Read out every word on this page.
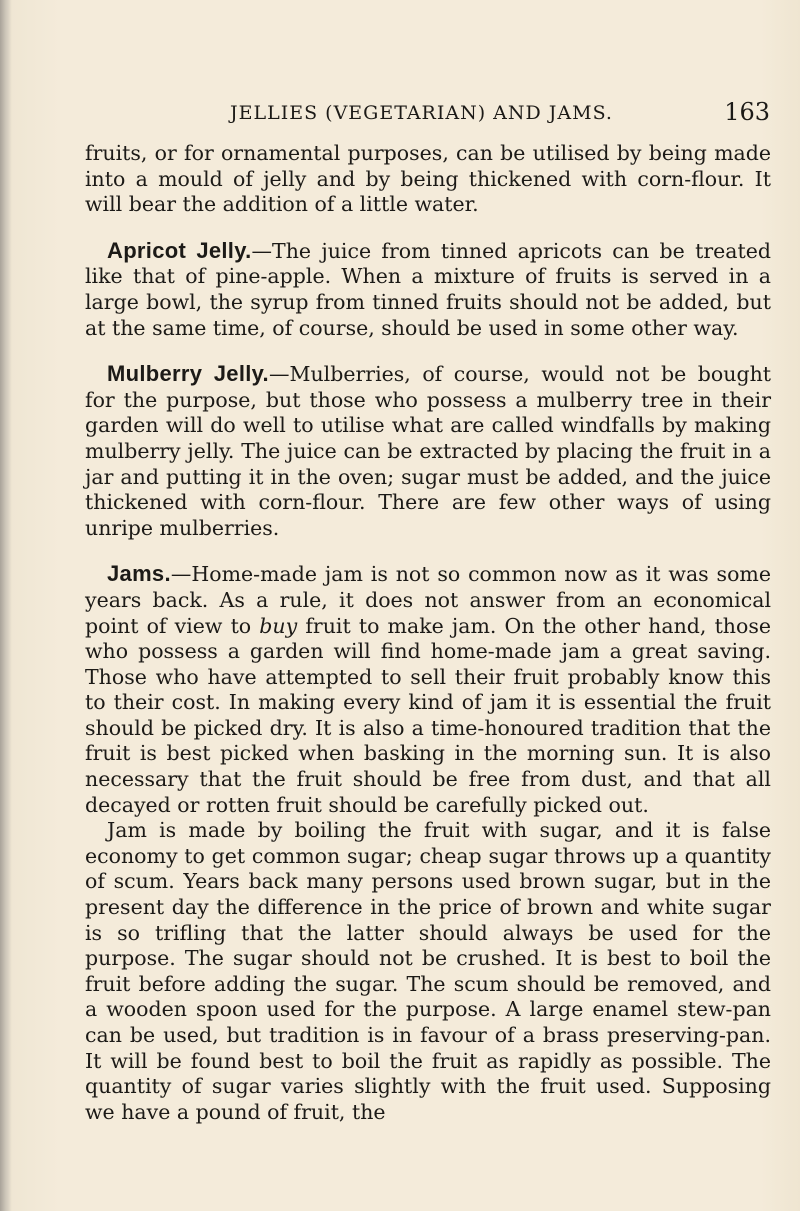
JELLIES (VEGETARIAN) AND JAMS.	163

fruits, or for ornamental purposes, can be utilised by being made into a mould of jelly and by being thickened with corn-flour. It will bear the addition of a little water.

Apricot Jelly.—The juice from tinned apricots can be treated like that of pine-apple. When a mixture of fruits is served in a large bowl, the syrup from tinned fruits should not be added, but at the same time, of course, should be used in some other way.

Mulberry Jelly.—Mulberries, of course, would not be bought for the purpose, but those who possess a mulberry tree in their garden will do well to utilise what are called windfalls by making mulberry jelly. The juice can be extracted by placing the fruit in a jar and putting it in the oven; sugar must be added, and the juice thickened with corn-flour. There are few other ways of using unripe mulberries.

Jams.—Home-made jam is not so common now as it was some years back. As a rule, it does not answer from an economical point of view to buy fruit to make jam. On the other hand, those who possess a garden will find home-made jam a great saving. Those who have attempted to sell their fruit probably know this to their cost. In making every kind of jam it is essential the fruit should be picked dry. It is also a time-honoured tradition that the fruit is best picked when basking in the morning sun. It is also necessary that the fruit should be free from dust, and that all decayed or rotten fruit should be carefully picked out.

Jam is made by boiling the fruit with sugar, and it is false economy to get common sugar; cheap sugar throws up a quantity of scum. Years back many persons used brown sugar, but in the present day the difference in the price of brown and white sugar is so trifling that the latter should always be used for the purpose. The sugar should not be crushed. It is best to boil the fruit before adding the sugar. The scum should be removed, and a wooden spoon used for the purpose. A large enamel stew-pan can be used, but tradition is in favour of a brass preserving-pan. It will be found best to boil the fruit as rapidly as possible. The quantity of sugar varies slightly with the fruit used. Supposing we have a pound of fruit, the
